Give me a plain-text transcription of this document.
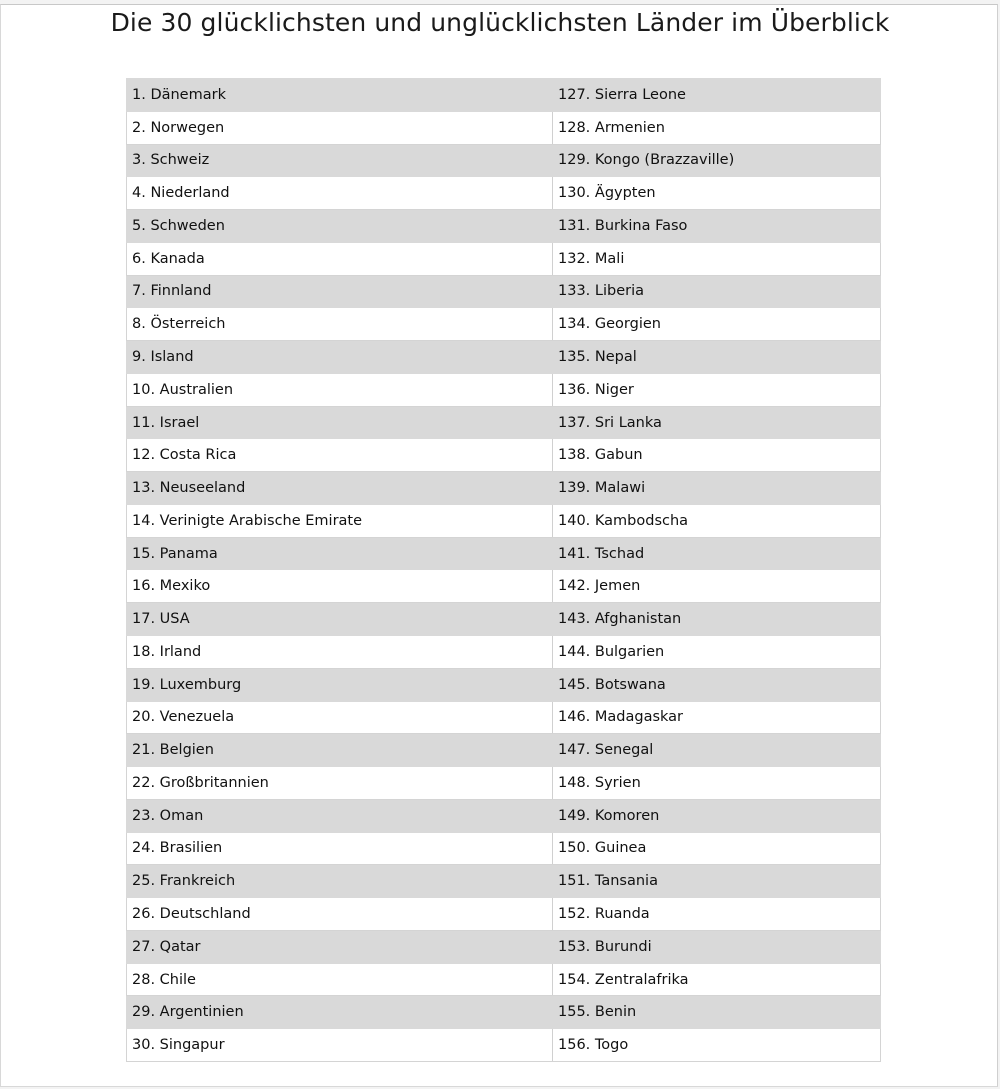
Die 30 glücklichsten und unglücklichsten Länder im Überblick
1. Dänemark	127. Sierra Leone
2. Norwegen	128. Armenien
3. Schweiz	129. Kongo (Brazzaville)
4. Niederland	130. Ägypten
5. Schweden	131. Burkina Faso
6. Kanada	132. Mali
7. Finnland	133. Liberia
8. Österreich	134. Georgien
9. Island	135. Nepal
10. Australien	136. Niger
11. Israel	137. Sri Lanka
12. Costa Rica	138. Gabun
13. Neuseeland	139. Malawi
14. Verinigte Arabische Emirate	140. Kambodscha
15. Panama	141. Tschad
16. Mexiko	142. Jemen
17. USA	143. Afghanistan
18. Irland	144. Bulgarien
19. Luxemburg	145. Botswana
20. Venezuela	146. Madagaskar
21. Belgien	147. Senegal
22. Großbritannien	148. Syrien
23. Oman	149. Komoren
24. Brasilien	150. Guinea
25. Frankreich	151. Tansania
26. Deutschland	152. Ruanda
27. Qatar	153. Burundi
28. Chile	154. Zentralafrika
29. Argentinien	155. Benin
30. Singapur	156. Togo
